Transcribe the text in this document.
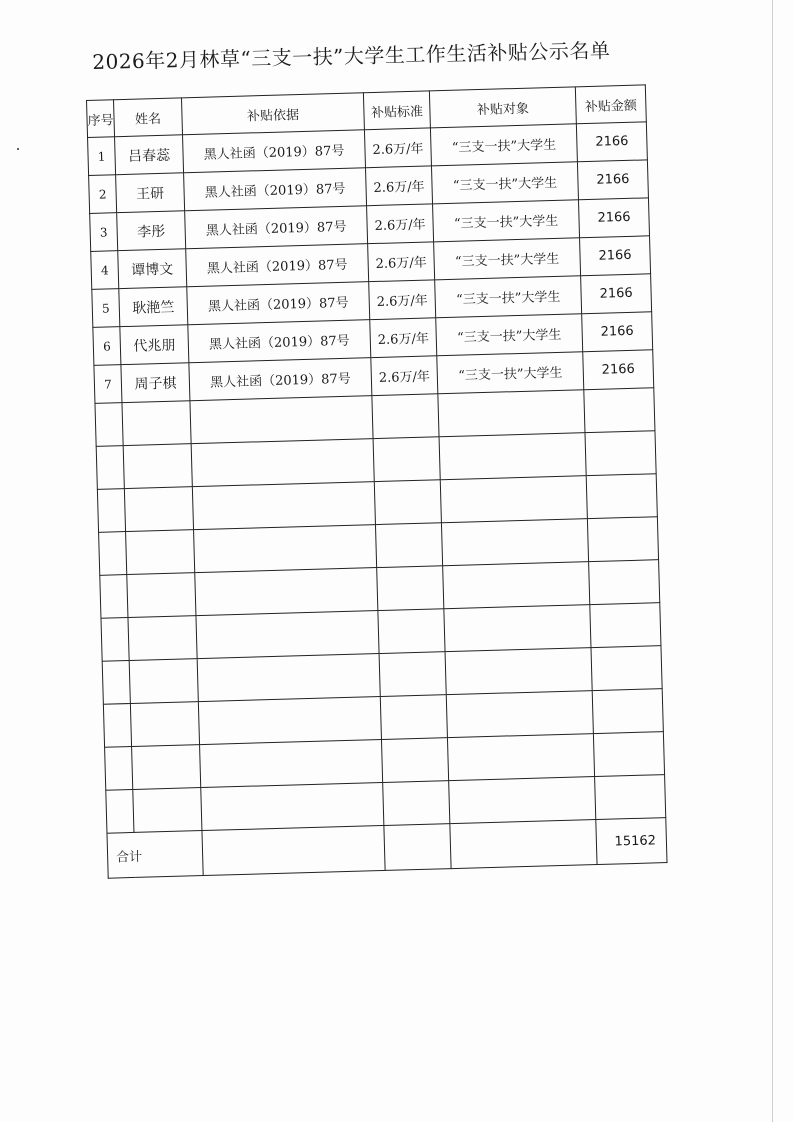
2026年2月林草“三支一扶”大学生工作生活补贴公示名单
序号	姓名	补贴依据	补贴标准	补贴对象	补贴金额
1	吕春蕊	黑人社函（2019）87号	2.6万/年	“三支一扶”大学生	2166
2	王研	黑人社函（2019）87号	2.6万/年	“三支一扶”大学生	2166
3	李彤	黑人社函（2019）87号	2.6万/年	“三支一扶”大学生	2166
4	谭博文	黑人社函（2019）87号	2.6万/年	“三支一扶”大学生	2166
5	耿滟竺	黑人社函（2019）87号	2.6万/年	“三支一扶”大学生	2166
6	代兆朋	黑人社函（2019）87号	2.6万/年	“三支一扶”大学生	2166
7	周子棋	黑人社函（2019）87号	2.6万/年	“三支一扶”大学生	2166

合计					15162
